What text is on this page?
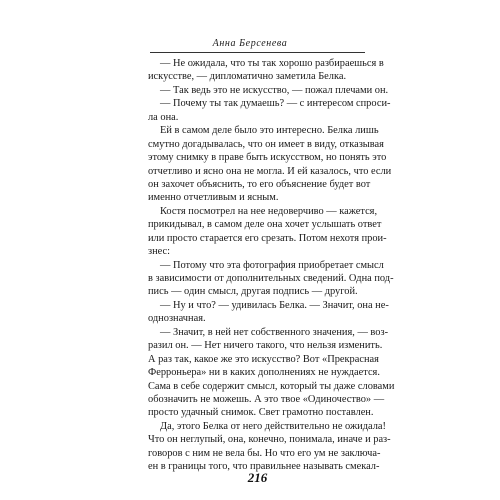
Анна Берсенева
— Не ожидала, что ты так хорошо разбираешься в
искусстве, — дипломатично заметила Белка.
— Так ведь это не искусство, — пожал плечами он.
— Почему ты так думаешь? — с интересом спроси-
ла она.
Ей в самом деле было это интересно. Белка лишь
смутно догадывалась, что он имеет в виду, отказывая
этому снимку в праве быть искусством, но понять это
отчетливо и ясно она не могла. И ей казалось, что если
он захочет объяснить, то его объяснение будет вот
именно отчетливым и ясным.
Костя посмотрел на нее недоверчиво — кажется,
прикидывал, в самом деле она хочет услышать ответ
или просто старается его срезать. Потом нехотя прои-
знес:
— Потому что эта фотография приобретает смысл
в зависимости от дополнительных сведений. Одна под-
пись — один смысл, другая подпись — другой.
— Ну и что? — удивилась Белка. — Значит, она не-
однозначная.
— Значит, в ней нет собственного значения, — воз-
разил он. — Нет ничего такого, что нельзя изменить.
А раз так, какое же это искусство? Вот «Прекрасная
Ферроньера» ни в каких дополнениях не нуждается.
Сама в себе содержит смысл, который ты даже словами
обозначить не можешь. А это твое «Одиночество» —
просто удачный снимок. Свет грамотно поставлен.
Да, этого Белка от него действительно не ожидала!
Что он неглупый, она, конечно, понимала, иначе и раз-
говоров с ним не вела бы. Но что его ум не заключа-
ен в границы того, что правильнее называть смекал-
216
